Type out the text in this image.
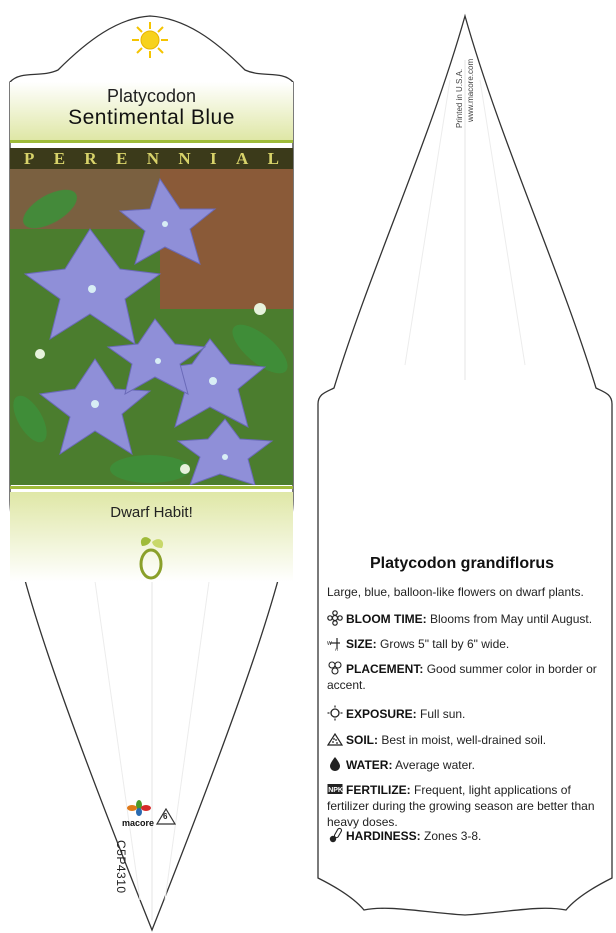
Platycodon
Sentimental Blue
P E R E N N I A L
Dwarf Habit!
macore
6
C5P4310
Printed in U.S.A. www.macore.com
Platycodon grandiflorus
Large, blue, balloon-like flowers on dwarf plants.
BLOOM TIME: Blooms from May until August.
W
H SIZE: Grows 5" tall by 6" wide.
PLACEMENT: Good summer color in border or accent.
EXPOSURE: Full sun.
SOIL: Best in moist, well-drained soil.
WATER: Average water.
NPK FERTILIZE: Frequent, light applications of fertilizer during the growing season are better than heavy doses.
HARDINESS: Zones 3-8.
